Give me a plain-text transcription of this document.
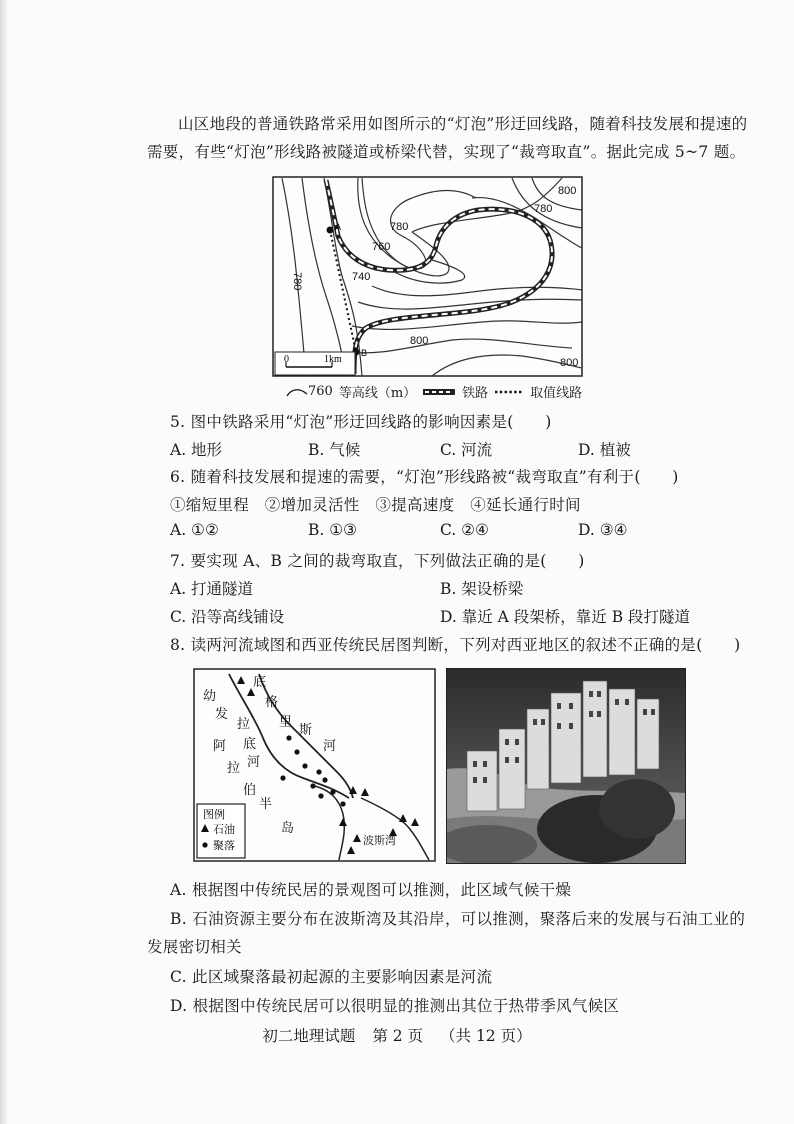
山区地段的普通铁路常采用如图所示的“灯泡”形迂回线路，随着科技发展和提速的
需要，有些“灯泡”形线路被隧道或桥梁代替，实现了“裁弯取直”。据此完成 5~7 题。
A
B
800
780
780
760
740
780
800
800
0	1km
760 等高线（m）	铁路	取值线路
5. 图中铁路采用“灯泡”形迂回线路的影响因素是(　　)
A. 地形	B. 气候	C. 河流	D. 植被
6. 随着科技发展和提速的需要，“灯泡”形线路被“裁弯取直”有利于(　　)
①缩短里程　②增加灵活性　③提高速度　④延长通行时间
A. ①②	B. ①③	C. ②④	D. ③④
7. 要实现 A、B 之间的裁弯取直，下列做法正确的是(　　)
A. 打通隧道	B. 架设桥梁
C. 沿等高线铺设	D. 靠近 A 段架桥，靠近 B 段打隧道
8. 读两河流域图和西亚传统民居图判断，下列对西亚地区的叙述不正确的是(　　)
幼
发
拉
底
河
底
格
里
斯
河
阿
拉
伯
半
岛
波斯湾
图例
石油
聚落
A. 根据图中传统民居的景观图可以推测，此区域气候干燥
B. 石油资源主要分布在波斯湾及其沿岸，可以推测，聚落后来的发展与石油工业的
发展密切相关
C. 此区域聚落最初起源的主要影响因素是河流
D. 根据图中传统民居可以很明显的推测出其位于热带季风气候区
初二地理试题 第 2 页 （共 12 页）
